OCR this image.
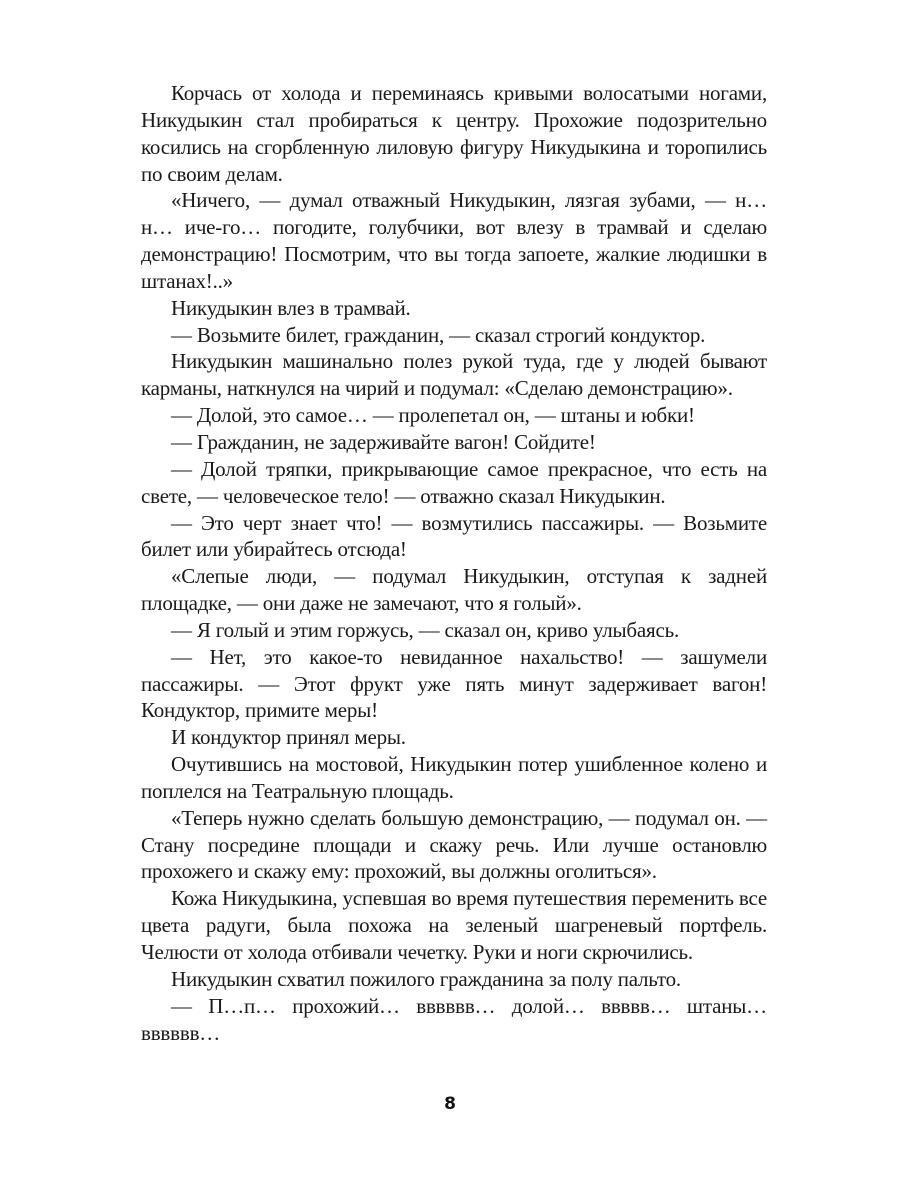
Корчась от холода и переминаясь кривыми волосатыми ногами, Никудыкин стал пробираться к центру. Прохожие подозрительно косились на сгорбленную лиловую фигуру Никудыкина и торопились по своим делам.

«Ничего, — думал отважный Никудыкин, лязгая зубами, — н… н… иче-го… погодите, голубчики, вот влезу в трамвай и сделаю демонстрацию! Посмотрим, что вы тогда запоете, жалкие людишки в штанах!..»

Никудыкин влез в трамвай.

— Возьмите билет, гражданин, — сказал строгий кондуктор.

Никудыкин машинально полез рукой туда, где у людей бывают карманы, наткнулся на чирий и подумал: «Сделаю демонстрацию».

— Долой, это самое… — пролепетал он, — штаны и юбки!

— Гражданин, не задерживайте вагон! Сойдите!

— Долой тряпки, прикрывающие самое прекрасное, что есть на свете, — человеческое тело! — отважно сказал Никудыкин.

— Это черт знает что! — возмутились пассажиры. — Возьмите билет или убирайтесь отсюда!

«Слепые люди, — подумал Никудыкин, отступая к задней площадке, — они даже не замечают, что я голый».

— Я голый и этим горжусь, — сказал он, криво улыбаясь.

— Нет, это какое-то невиданное нахальство! — зашумели пассажиры. — Этот фрукт уже пять минут задерживает вагон! Кондуктор, примите меры!

И кондуктор принял меры.

Очутившись на мостовой, Никудыкин потер ушибленное колено и поплелся на Театральную площадь.

«Теперь нужно сделать большую демонстрацию, — подумал он. — Стану посредине площади и скажу речь. Или лучше остановлю прохожего и скажу ему: прохожий, вы должны оголиться».

Кожа Никудыкина, успевшая во время путешествия переменить все цвета радуги, была похожа на зеленый шагреневый портфель. Челюсти от холода отбивали чечетку. Руки и ноги скрючились.

Никудыкин схватил пожилого гражданина за полу пальто.

— П…п… прохожий… вввввв… долой… ввввв… штаны… вввввв…

8
